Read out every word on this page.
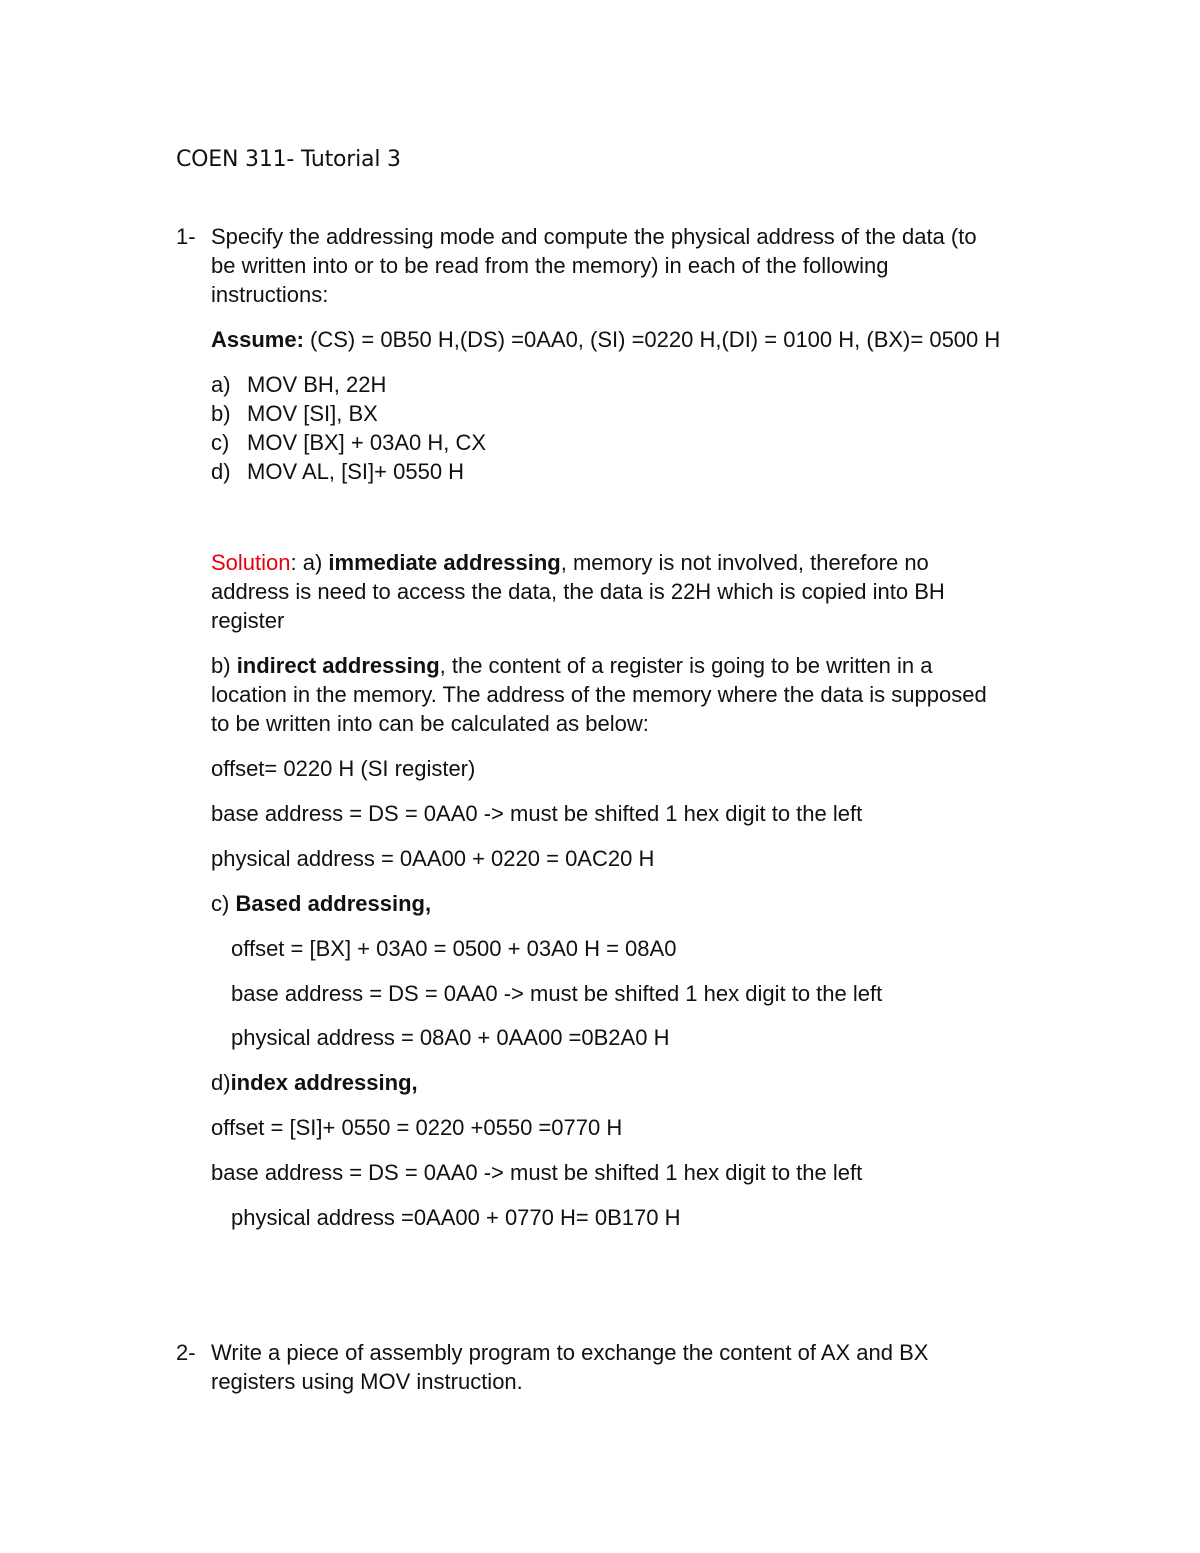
COEN 311- Tutorial 3
1- Specify the addressing mode and compute the physical address of the data (to
be written into or to be read from the memory) in each of the following
instructions:
Assume: (CS) = 0B50 H,(DS) =0AA0, (SI) =0220 H,(DI) = 0100 H, (BX)= 0500 H
a) MOV BH, 22H
b) MOV [SI], BX
c) MOV [BX] + 03A0 H, CX
d) MOV AL, [SI]+ 0550 H
Solution: a) immediate addressing, memory is not involved, therefore no
address is need to access the data, the data is 22H which is copied into BH
register
b) indirect addressing, the content of a register is going to be written in a
location in the memory. The address of the memory where the data is supposed
to be written into can be calculated as below:
offset= 0220 H (SI register)
base address = DS = 0AA0 -> must be shifted 1 hex digit to the left
physical address = 0AA00 + 0220 = 0AC20 H
c) Based addressing,
offset = [BX] + 03A0 = 0500 + 03A0 H = 08A0
base address = DS = 0AA0 -> must be shifted 1 hex digit to the left
physical address = 08A0 + 0AA00 =0B2A0 H
d)index addressing,
offset = [SI]+ 0550 = 0220 +0550 =0770 H
base address = DS = 0AA0 -> must be shifted 1 hex digit to the left
physical address =0AA00 + 0770 H= 0B170 H
2- Write a piece of assembly program to exchange the content of AX and BX
registers using MOV instruction.
